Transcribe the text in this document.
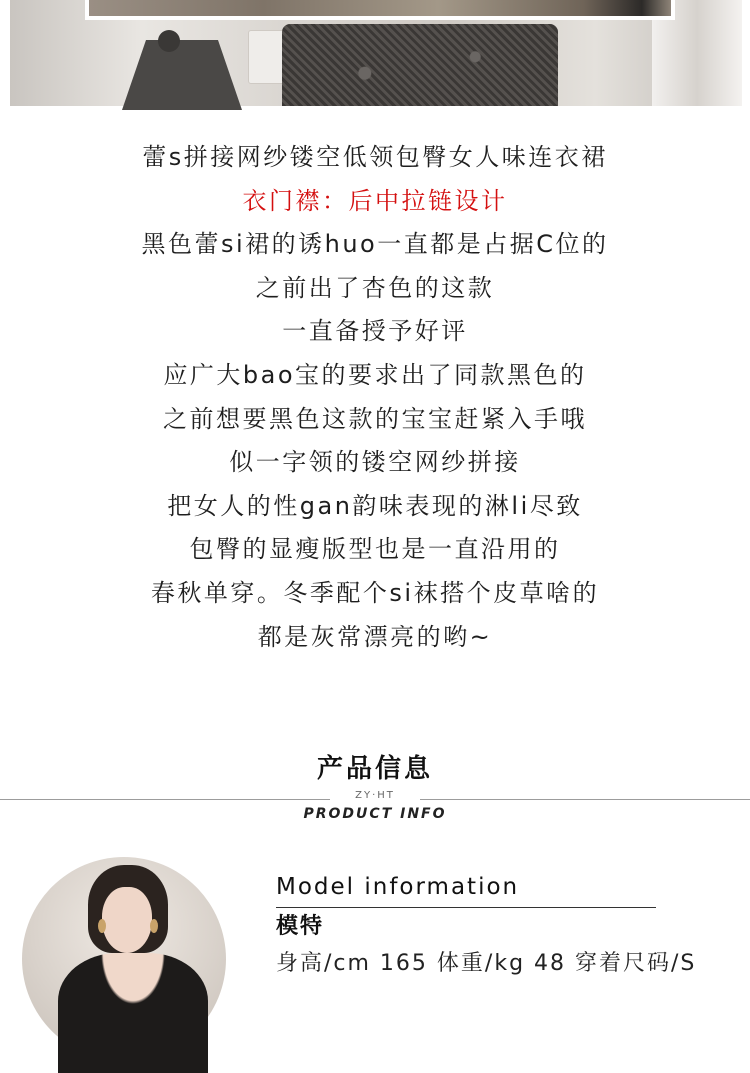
蕾s拼接网纱镂空低领包臀女人味连衣裙
衣门襟：后中拉链设计
黑色蕾si裙的诱huo一直都是占据C位的
之前出了杏色的这款
一直备授予好评
应广大bao宝的要求出了同款黑色的
之前想要黑色这款的宝宝赶紧入手哦
似一字领的镂空网纱拼接
把女人的性gan韵味表现的淋li尽致
包臀的显瘦版型也是一直沿用的
春秋单穿。冬季配个si袜搭个皮草啥的
都是灰常漂亮的哟~
产品信息
ZY·HT
PRODUCT INFO
Model information
模特
身高/cm 165 体重/kg 48 穿着尺码/S
